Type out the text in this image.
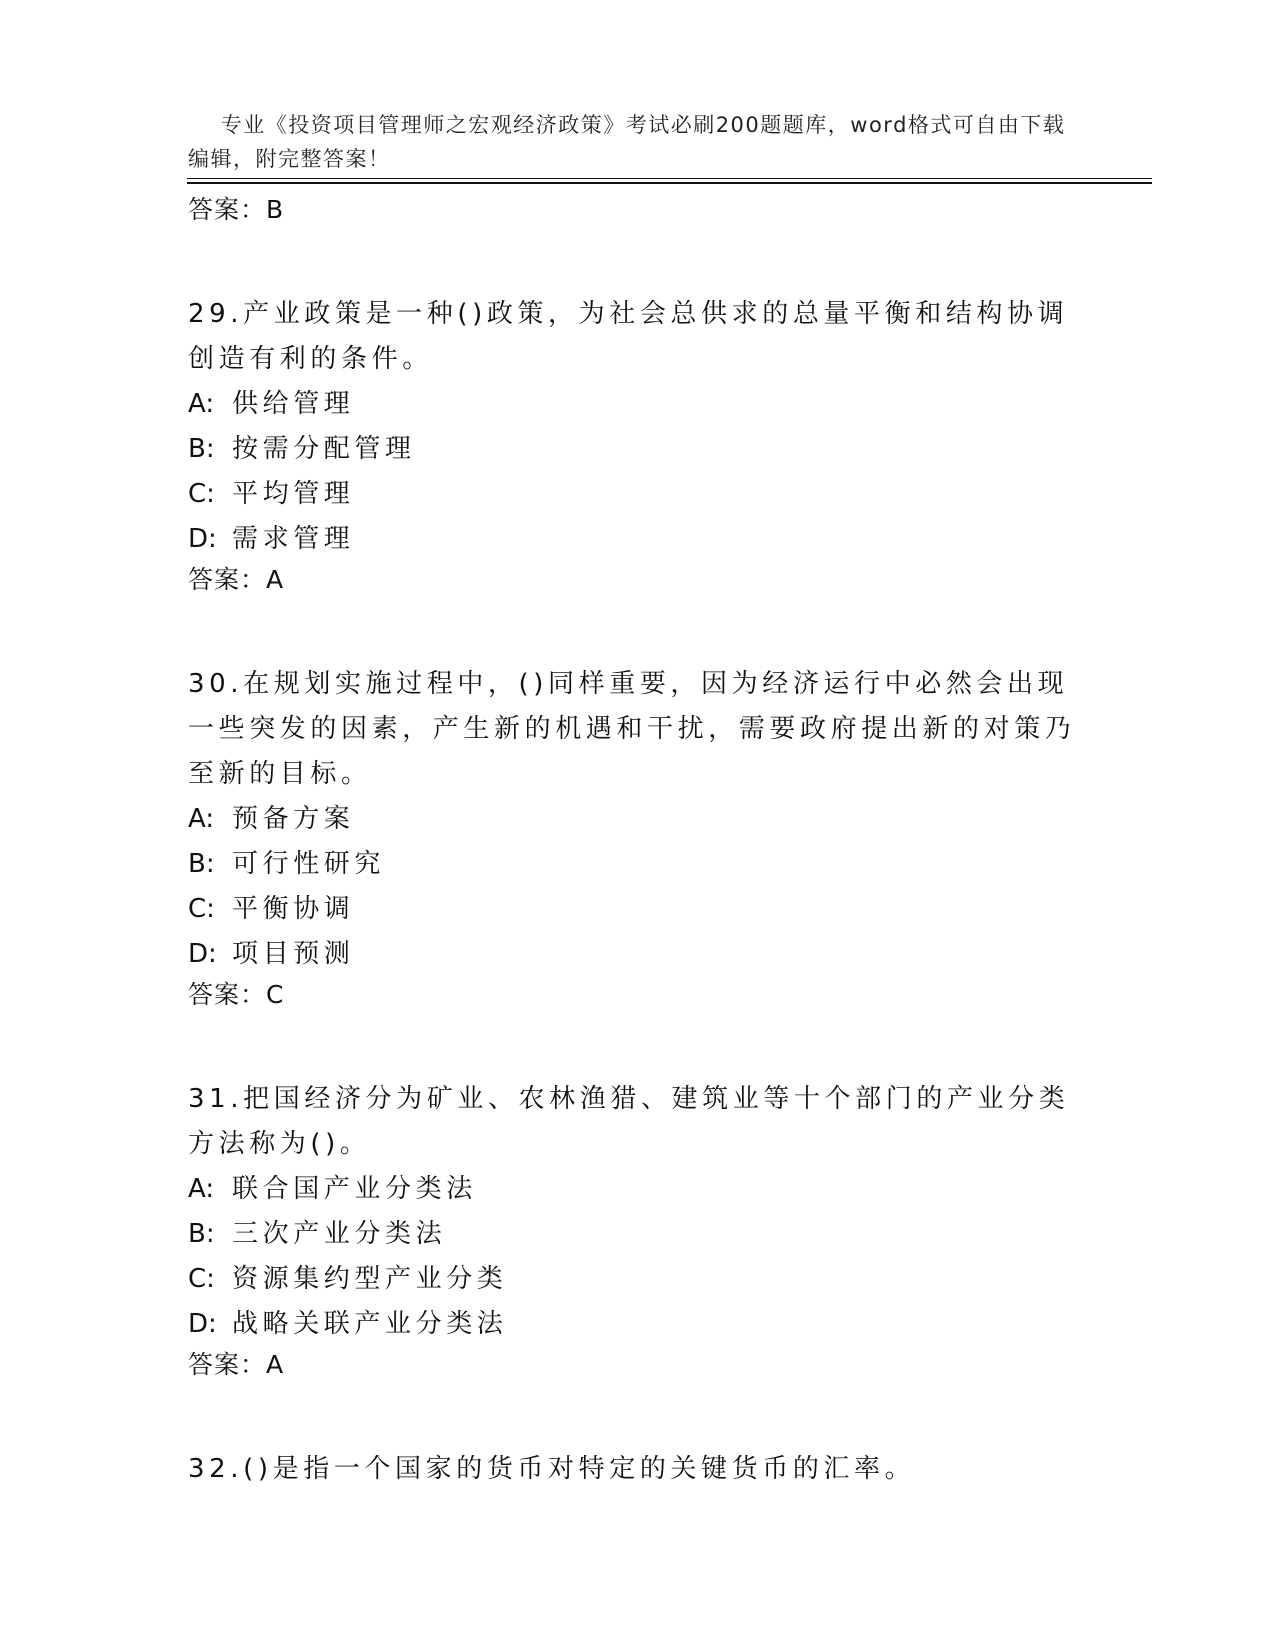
专业《投资项目管理师之宏观经济政策》考试必刷200题题库，word格式可自由下载编辑，附完整答案！

答案：B

29.产业政策是一种()政策，为社会总供求的总量平衡和结构协调创造有利的条件。

A: 供给管理

B: 按需分配管理

C: 平均管理

D: 需求管理

答案：A

30.在规划实施过程中，()同样重要，因为经济运行中必然会出现一些突发的因素，产生新的机遇和干扰，需要政府提出新的对策乃至新的目标。

A: 预备方案

B: 可行性研究

C: 平衡协调

D: 项目预测

答案：C

31.把国经济分为矿业、农林渔猎、建筑业等十个部门的产业分类方法称为()。

A: 联合国产业分类法

B: 三次产业分类法

C: 资源集约型产业分类

D: 战略关联产业分类法

答案：A

32.()是指一个国家的货币对特定的关键货币的汇率。
